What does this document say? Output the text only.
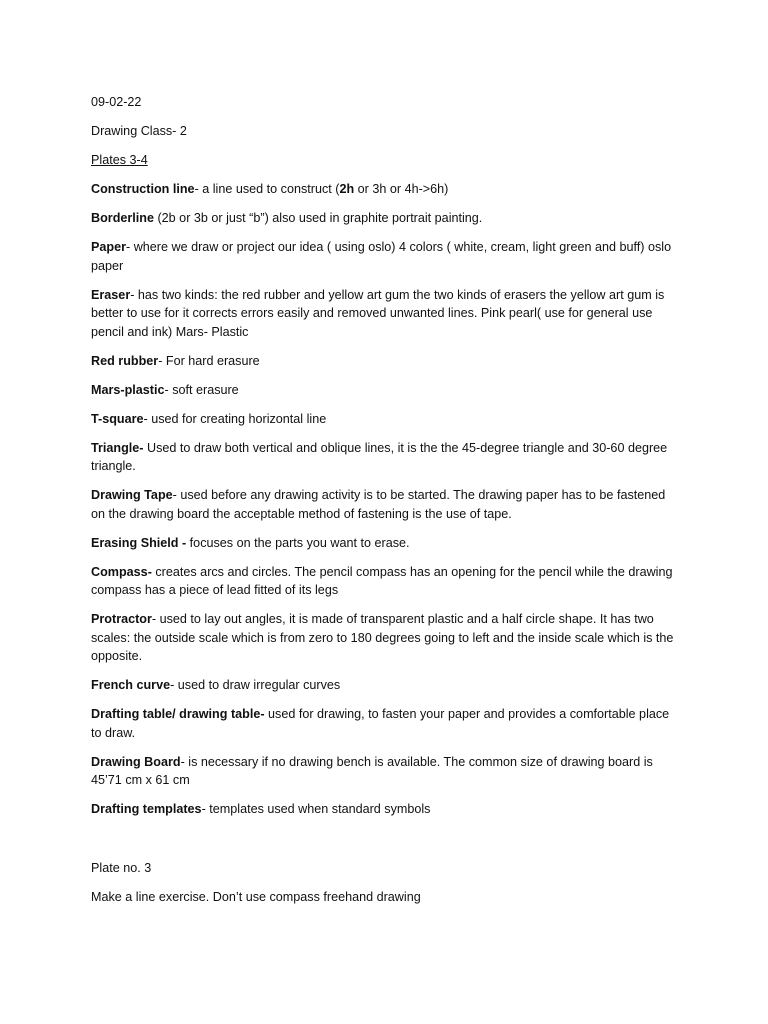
09-02-22

Drawing Class- 2

Plates 3-4

Construction line- a line used to construct (2h or 3h or 4h->6h)

Borderline (2b or 3b or just “b”) also used in graphite portrait painting.

Paper- where we draw or project our idea ( using oslo) 4 colors ( white, cream, light green and buff) oslo paper

Eraser- has two kinds: the red rubber and yellow art gum the two kinds of erasers the yellow art gum is better to use for it corrects errors easily and removed unwanted lines. Pink pearl( use for general use pencil and ink) Mars- Plastic

Red rubber- For hard erasure

Mars-plastic- soft erasure

T-square- used for creating horizontal line

Triangle- Used to draw both vertical and oblique lines, it is the the 45-degree triangle and 30-60 degree triangle.

Drawing Tape- used before any drawing activity is to be started. The drawing paper has to be fastened on the drawing board the acceptable method of fastening is the use of tape.

Erasing Shield - focuses on the parts you want to erase.

Compass- creates arcs and circles. The pencil compass has an opening for the pencil while the drawing compass has a piece of lead fitted of its legs

Protractor- used to lay out angles, it is made of transparent plastic and a half circle shape. It has two scales: the outside scale which is from zero to 180 degrees going to left and the inside scale which is the opposite.

French curve- used to draw irregular curves

Drafting table/ drawing table- used for drawing, to fasten your paper and provides a comfortable place to draw.

Drawing Board- is necessary if no drawing bench is available. The common size of drawing board is 45’71 cm x 61 cm

Drafting templates- templates used when standard symbols

Plate no. 3

Make a line exercise. Don’t use compass freehand drawing
